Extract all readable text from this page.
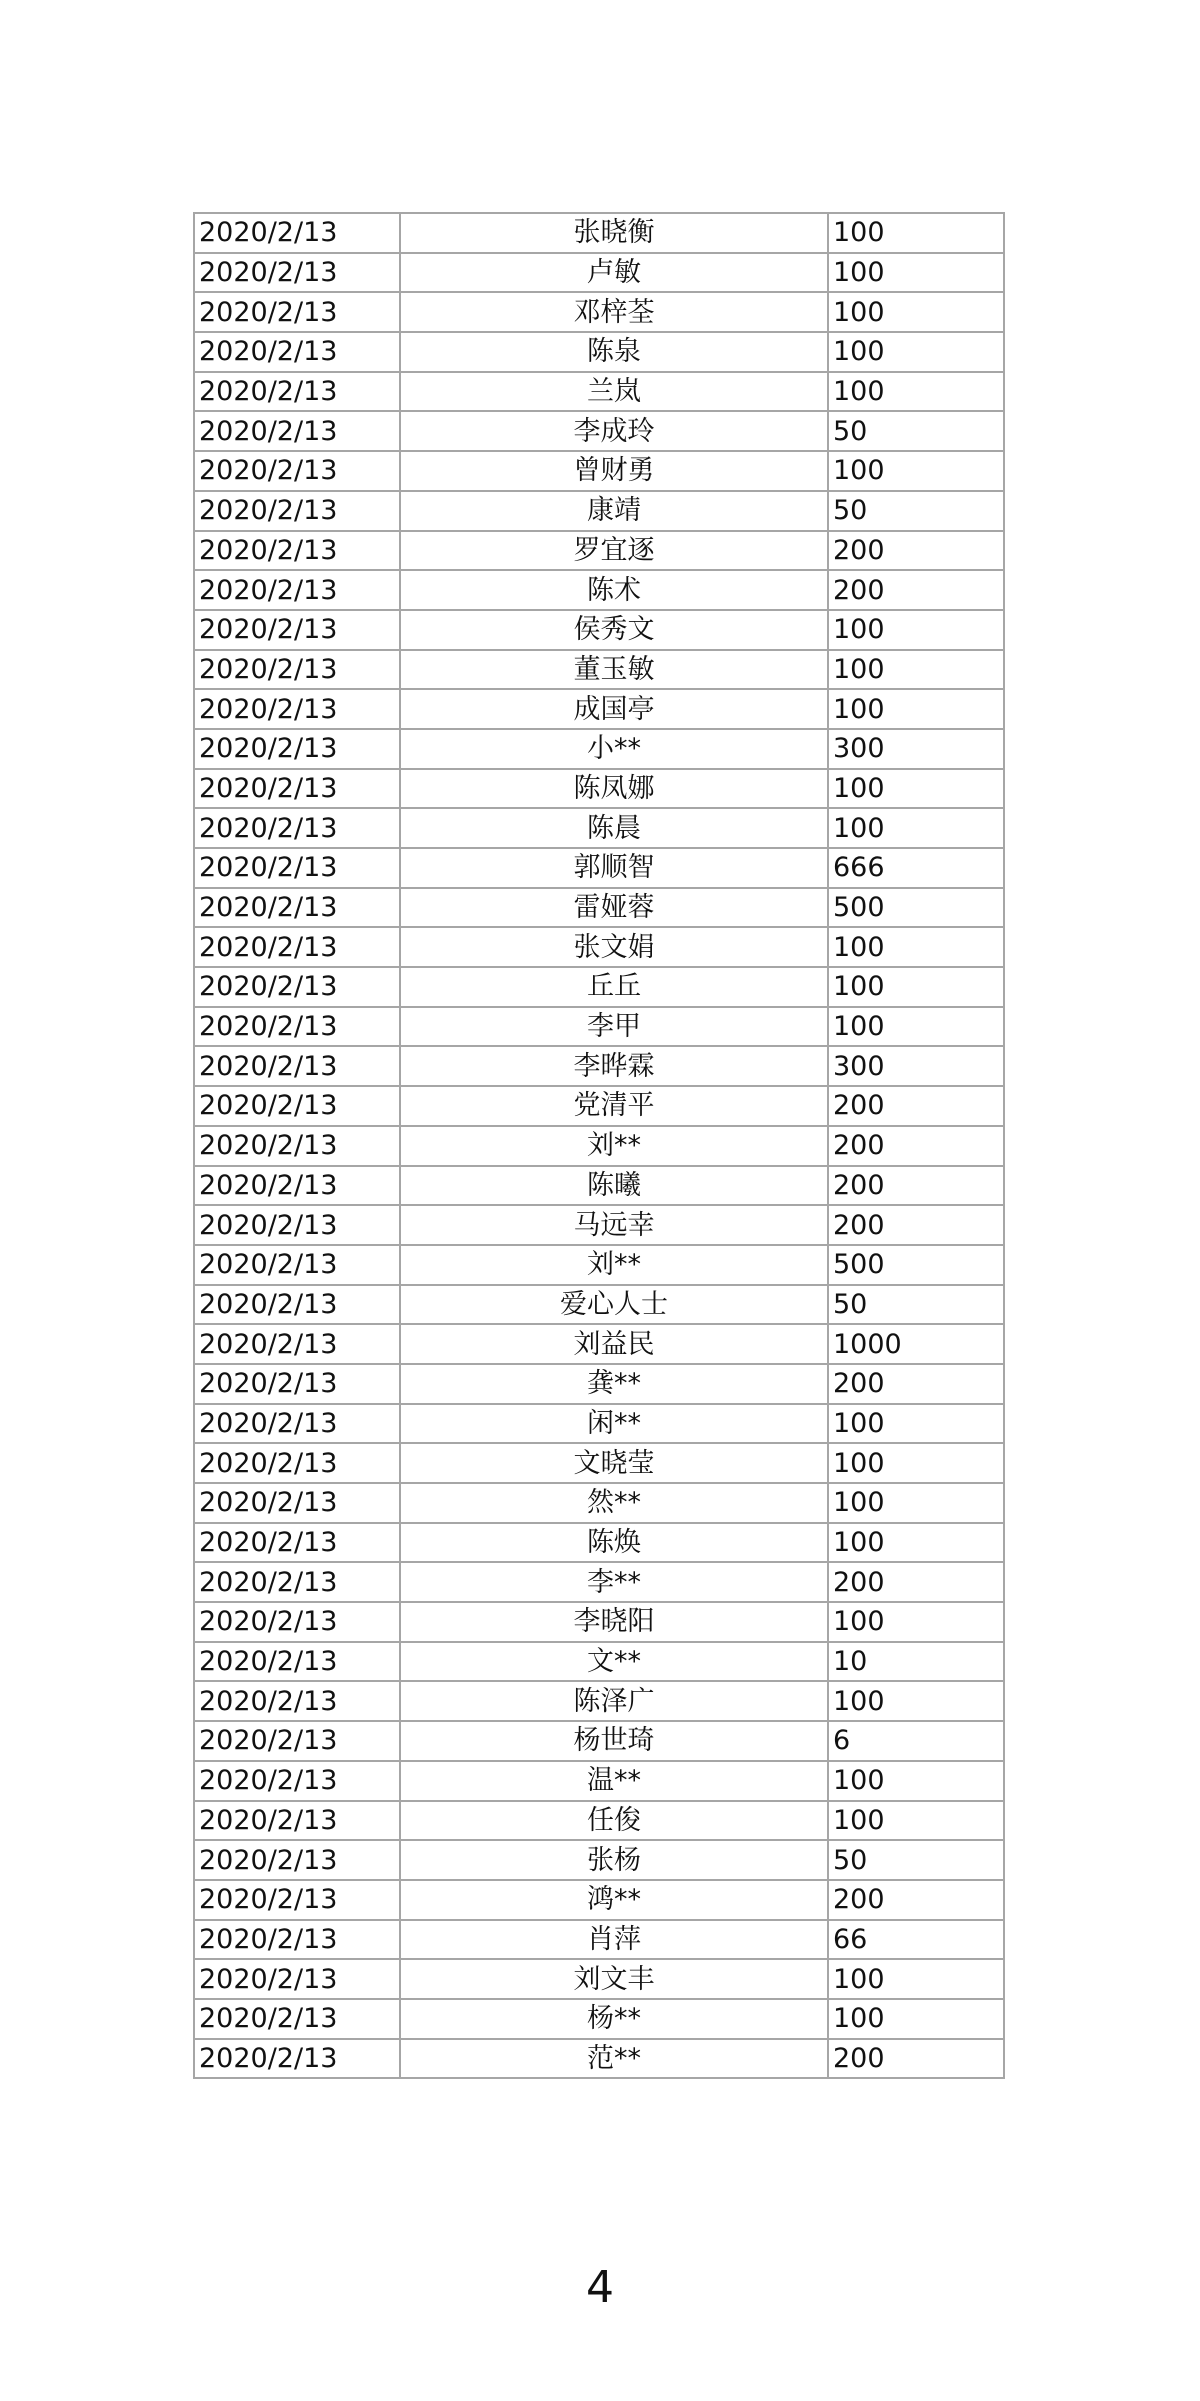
2020/2/13	张晓衡	100
2020/2/13	卢敏	100
2020/2/13	邓梓荃	100
2020/2/13	陈泉	100
2020/2/13	兰岚	100
2020/2/13	李成玲	50
2020/2/13	曾财勇	100
2020/2/13	康靖	50
2020/2/13	罗宜逐	200
2020/2/13	陈术	200
2020/2/13	侯秀文	100
2020/2/13	董玉敏	100
2020/2/13	成国亭	100
2020/2/13	小**	300
2020/2/13	陈凤娜	100
2020/2/13	陈晨	100
2020/2/13	郭顺智	666
2020/2/13	雷娅蓉	500
2020/2/13	张文娟	100
2020/2/13	丘丘	100
2020/2/13	李甲	100
2020/2/13	李晔霖	300
2020/2/13	党清平	200
2020/2/13	刘**	200
2020/2/13	陈曦	200
2020/2/13	马远幸	200
2020/2/13	刘**	500
2020/2/13	爱心人士	50
2020/2/13	刘益民	1000
2020/2/13	龚**	200
2020/2/13	闲**	100
2020/2/13	文晓莹	100
2020/2/13	然**	100
2020/2/13	陈焕	100
2020/2/13	李**	200
2020/2/13	李晓阳	100
2020/2/13	文**	10
2020/2/13	陈泽广	100
2020/2/13	杨世琦	6
2020/2/13	温**	100
2020/2/13	任俊	100
2020/2/13	张杨	50
2020/2/13	鸿**	200
2020/2/13	肖萍	66
2020/2/13	刘文丰	100
2020/2/13	杨**	100
2020/2/13	范**	200
4
